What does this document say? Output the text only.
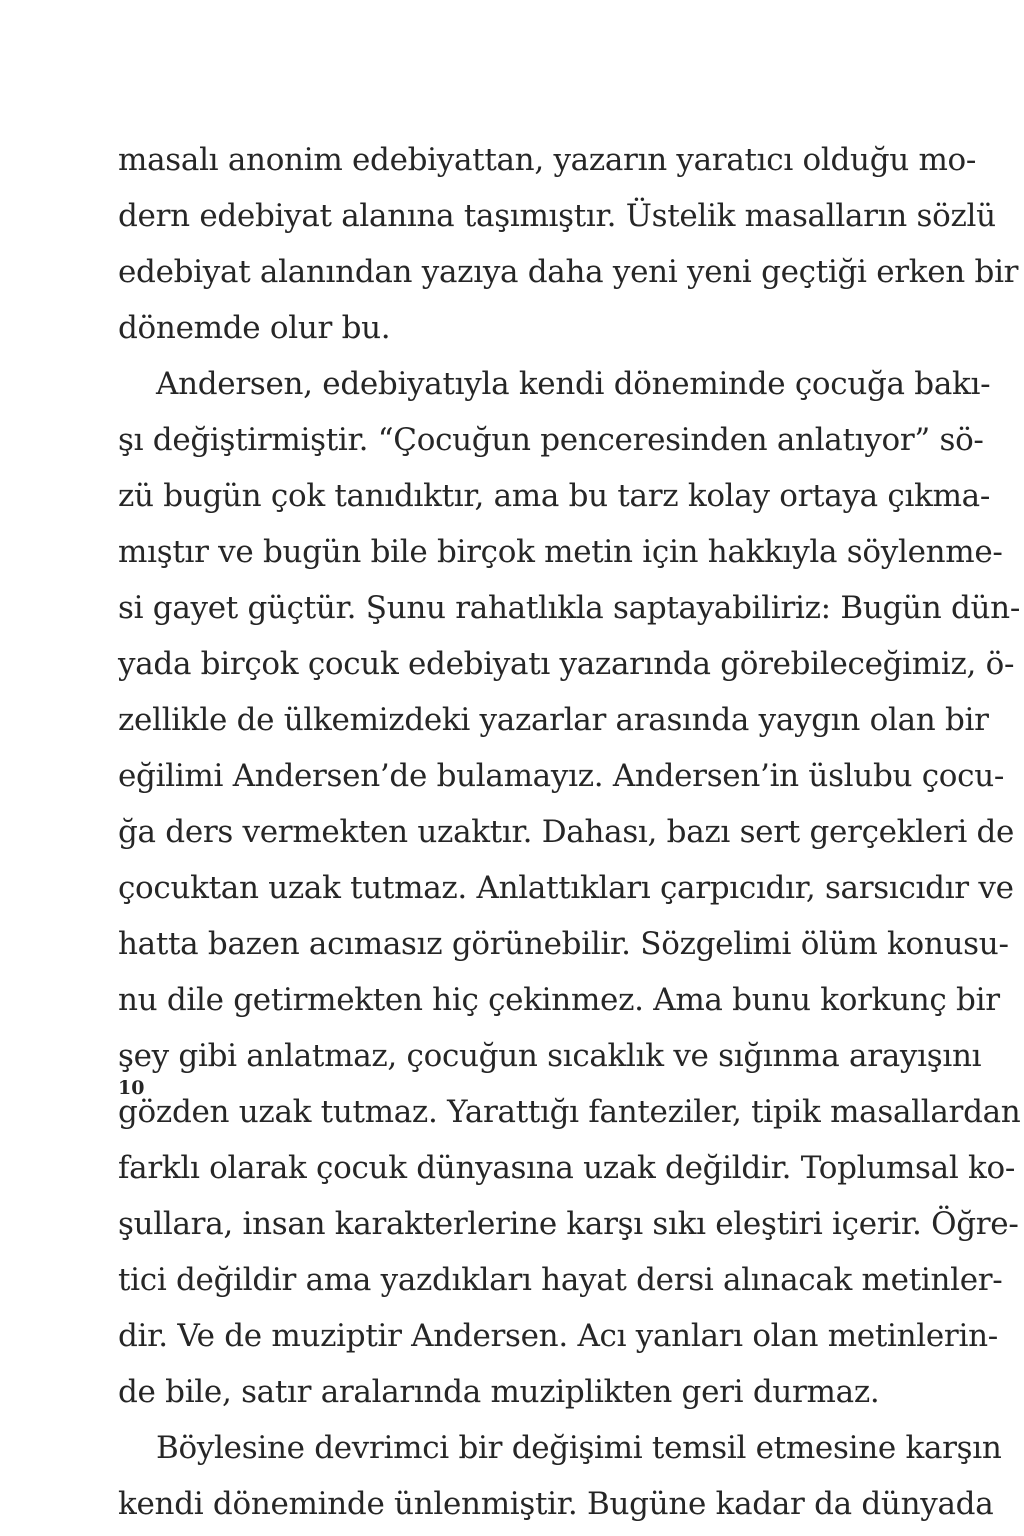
masalı anonim edebiyattan, yazarın yaratıcı olduğu mo-
dern edebiyat alanına taşımıştır. Üstelik masalların sözlü
edebiyat alanından yazıya daha yeni yeni geçtiği erken bir
dönemde olur bu.
Andersen, edebiyatıyla kendi döneminde çocuğa bakı-
şı değiştirmiştir. “Çocuğun penceresinden anlatıyor” sö-
zü bugün çok tanıdıktır, ama bu tarz kolay ortaya çıkma-
mıştır ve bugün bile birçok metin için hakkıyla söylenme-
si gayet güçtür. Şunu rahatlıkla saptayabiliriz: Bugün dün-
yada birçok çocuk edebiyatı yazarında görebileceğimiz, ö-
zellikle de ülkemizdeki yazarlar arasında yaygın olan bir
eğilimi Andersen’de bulamayız. Andersen’in üslubu çocu-
ğa ders vermekten uzaktır. Dahası, bazı sert gerçekleri de
çocuktan uzak tutmaz. Anlattıkları çarpıcıdır, sarsıcıdır ve
hatta bazen acımasız görünebilir. Sözgelimi ölüm konusu-
nu dile getirmekten hiç çekinmez. Ama bunu korkunç bir
şey gibi anlatmaz, çocuğun sıcaklık ve sığınma arayışını
gözden uzak tutmaz. Yarattığı fanteziler, tipik masallardan
farklı olarak çocuk dünyasına uzak değildir. Toplumsal ko-
şullara, insan karakterlerine karşı sıkı eleştiri içerir. Öğre-
tici değildir ama yazdıkları hayat dersi alınacak metinler-
dir. Ve de muziptir Andersen. Acı yanları olan metinlerin-
de bile, satır aralarında muziplikten geri durmaz.
Böylesine devrimci bir değişimi temsil etmesine karşın
kendi döneminde ünlenmiştir. Bugüne kadar da dünyada
10
